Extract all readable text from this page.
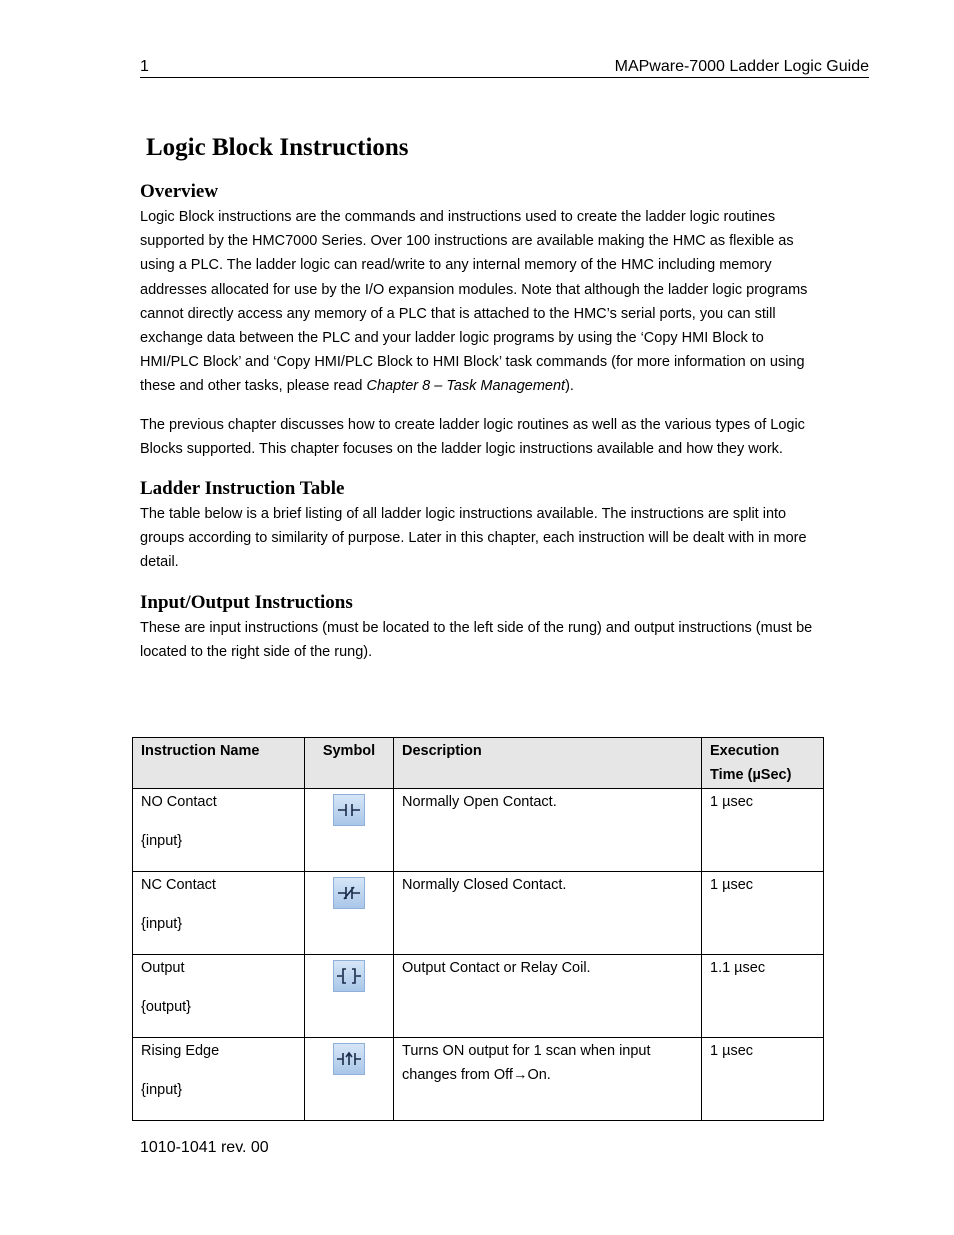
1	MAPware-7000 Ladder Logic Guide
Logic Block Instructions
Overview

Logic Block instructions are the commands and instructions used to create the ladder logic routines supported by the HMC7000 Series. Over 100 instructions are available making the HMC as flexible as using a PLC. The ladder logic can read/write to any internal memory of the HMC including memory addresses allocated for use by the I/O expansion modules. Note that although the ladder logic programs cannot directly access any memory of a PLC that is attached to the HMC’s serial ports, you can still exchange data between the PLC and your ladder logic programs by using the ‘Copy HMI Block to HMI/PLC Block’ and ‘Copy HMI/PLC Block to HMI Block’ task commands (for more information on using these and other tasks, please read Chapter 8 – Task Management).

The previous chapter discusses how to create ladder logic routines as well as the various types of Logic Blocks supported. This chapter focuses on the ladder logic instructions available and how they work.

Ladder Instruction Table

The table below is a brief listing of all ladder logic instructions available. The instructions are split into groups according to similarity of purpose. Later in this chapter, each instruction will be dealt with in more detail.

Input/Output Instructions

These are input instructions (must be located to the left side of the rung) and output instructions (must be located to the right side of the rung).

Instruction Name	Symbol	Description	Execution Time (µSec)
NO Contact
{input}		Normally Open Contact.	1 µsec
NC Contact
{input}		Normally Closed Contact.	1 µsec
Output
{output}		Output Contact or Relay Coil.	1.1 µsec
Rising Edge
{input}		Turns ON output for 1 scan when input changes from Off→On.	1 µsec
1010-1041 rev. 00
